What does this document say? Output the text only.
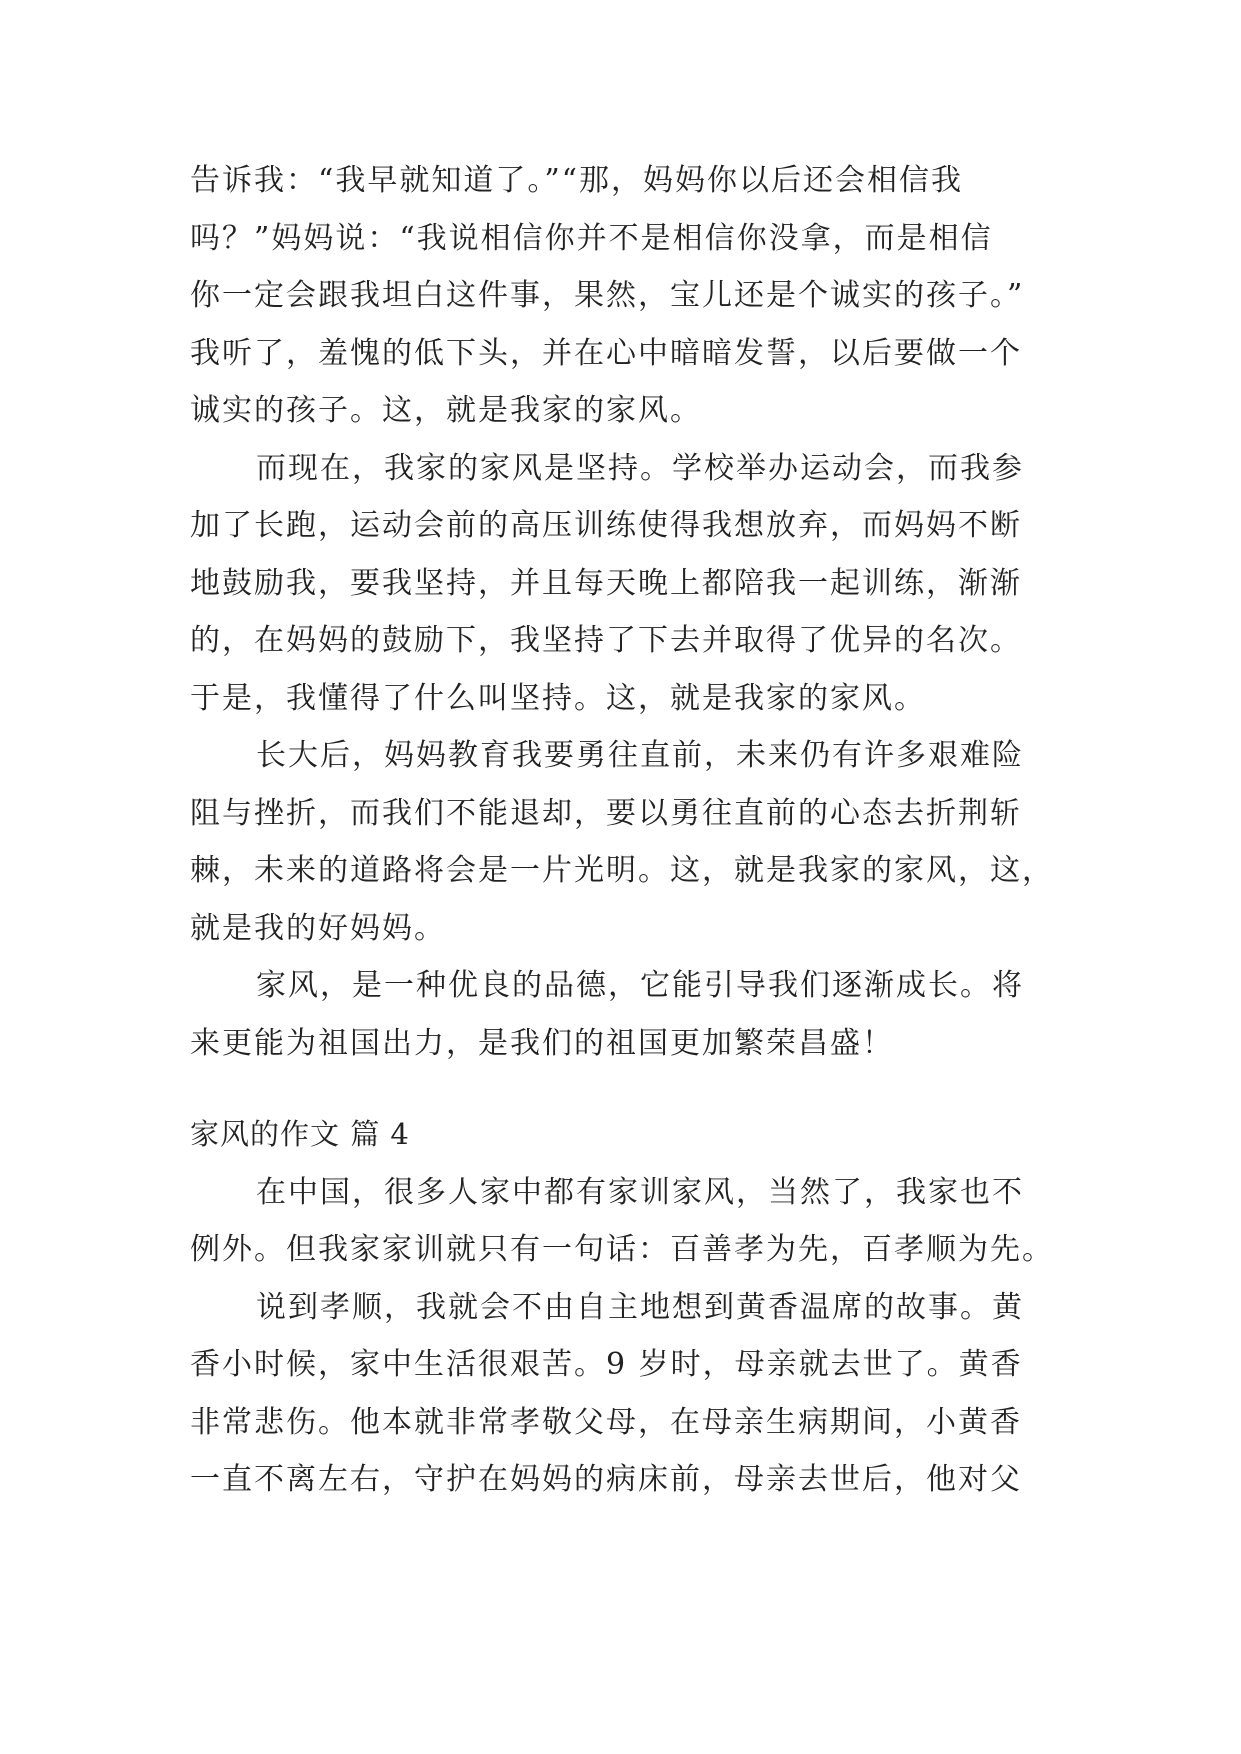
告诉我：“我早就知道了。”“那，妈妈你以后还会相信我
吗？”妈妈说：“我说相信你并不是相信你没拿，而是相信
你一定会跟我坦白这件事，果然，宝儿还是个诚实的孩子。”
我听了，羞愧的低下头，并在心中暗暗发誓，以后要做一个
诚实的孩子。这，就是我家的家风。
而现在，我家的家风是坚持。学校举办运动会，而我参
加了长跑，运动会前的高压训练使得我想放弃，而妈妈不断
地鼓励我，要我坚持，并且每天晚上都陪我一起训练，渐渐
的，在妈妈的鼓励下，我坚持了下去并取得了优异的名次。
于是，我懂得了什么叫坚持。这，就是我家的家风。
长大后，妈妈教育我要勇往直前，未来仍有许多艰难险
阻与挫折，而我们不能退却，要以勇往直前的心态去折荆斩
棘，未来的道路将会是一片光明。这，就是我家的家风，这，
就是我的好妈妈。
家风，是一种优良的品德，它能引导我们逐渐成长。将
来更能为祖国出力，是我们的祖国更加繁荣昌盛！
家风的作文 篇 4
在中国，很多人家中都有家训家风，当然了，我家也不
例外。但我家家训就只有一句话：百善孝为先，百孝顺为先。
说到孝顺，我就会不由自主地想到黄香温席的故事。黄
香小时候，家中生活很艰苦。9 岁时，母亲就去世了。黄香
非常悲伤。他本就非常孝敬父母，在母亲生病期间，小黄香
一直不离左右，守护在妈妈的病床前，母亲去世后，他对父
